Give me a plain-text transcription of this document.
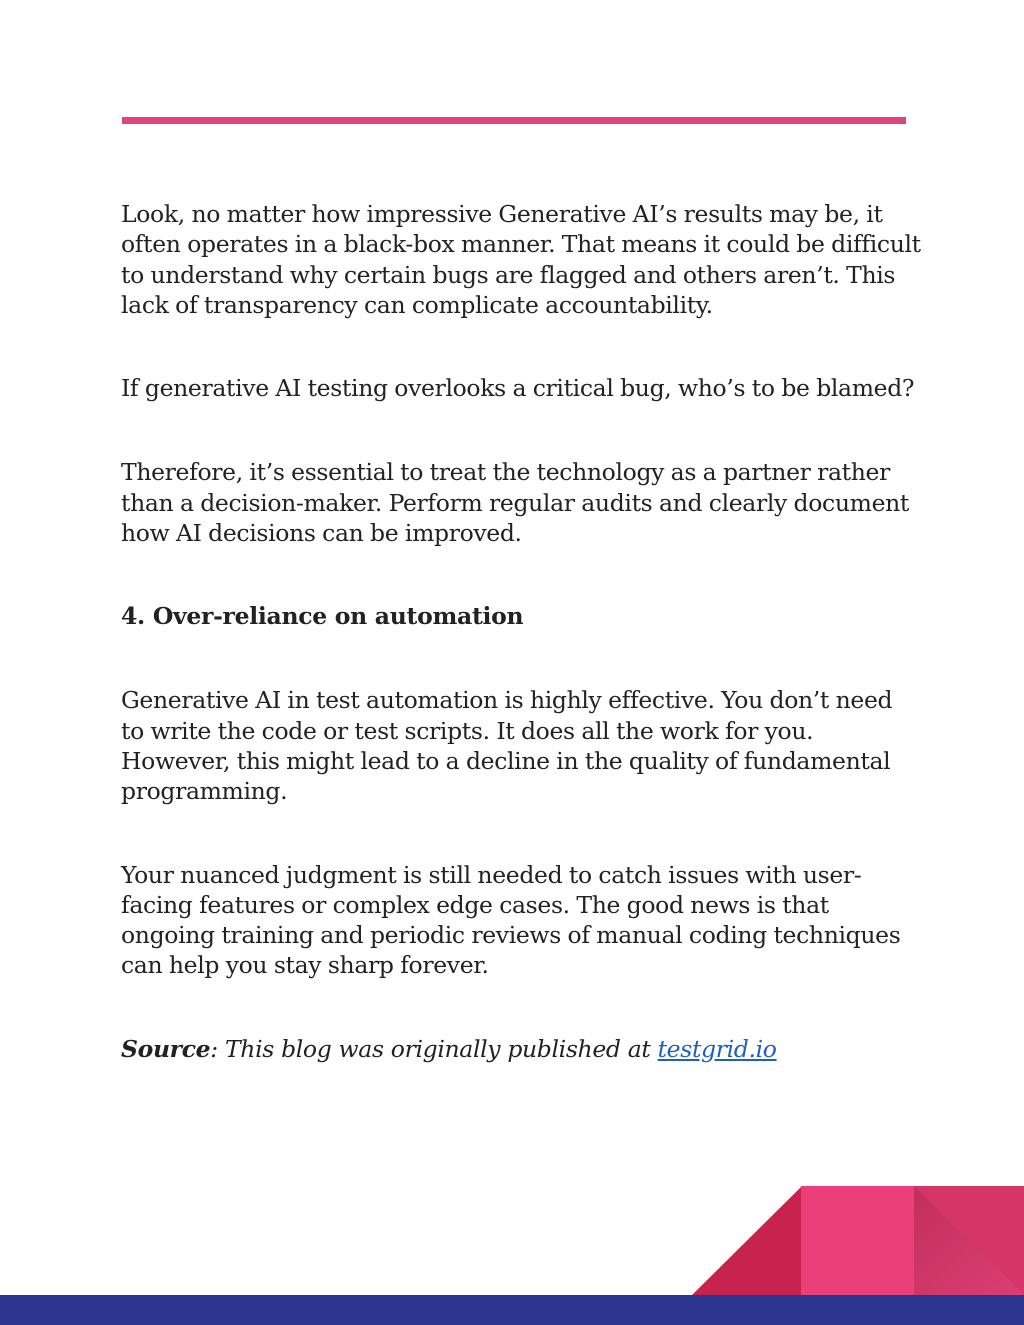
Look, no matter how impressive Generative AI’s results may be, it often operates in a black-box manner. That means it could be difficult to understand why certain bugs are flagged and others aren’t. This lack of transparency can complicate accountability.

If generative AI testing overlooks a critical bug, who’s to be blamed?

Therefore, it’s essential to treat the technology as a partner rather than a decision-maker. Perform regular audits and clearly document how AI decisions can be improved.

4. Over-reliance on automation

Generative AI in test automation is highly effective. You don’t need to write the code or test scripts. It does all the work for you. However, this might lead to a decline in the quality of fundamental programming.

Your nuanced judgment is still needed to catch issues with user-facing features or complex edge cases. The good news is that ongoing training and periodic reviews of manual coding techniques can help you stay sharp forever.

Source: This blog was originally published at testgrid.io
